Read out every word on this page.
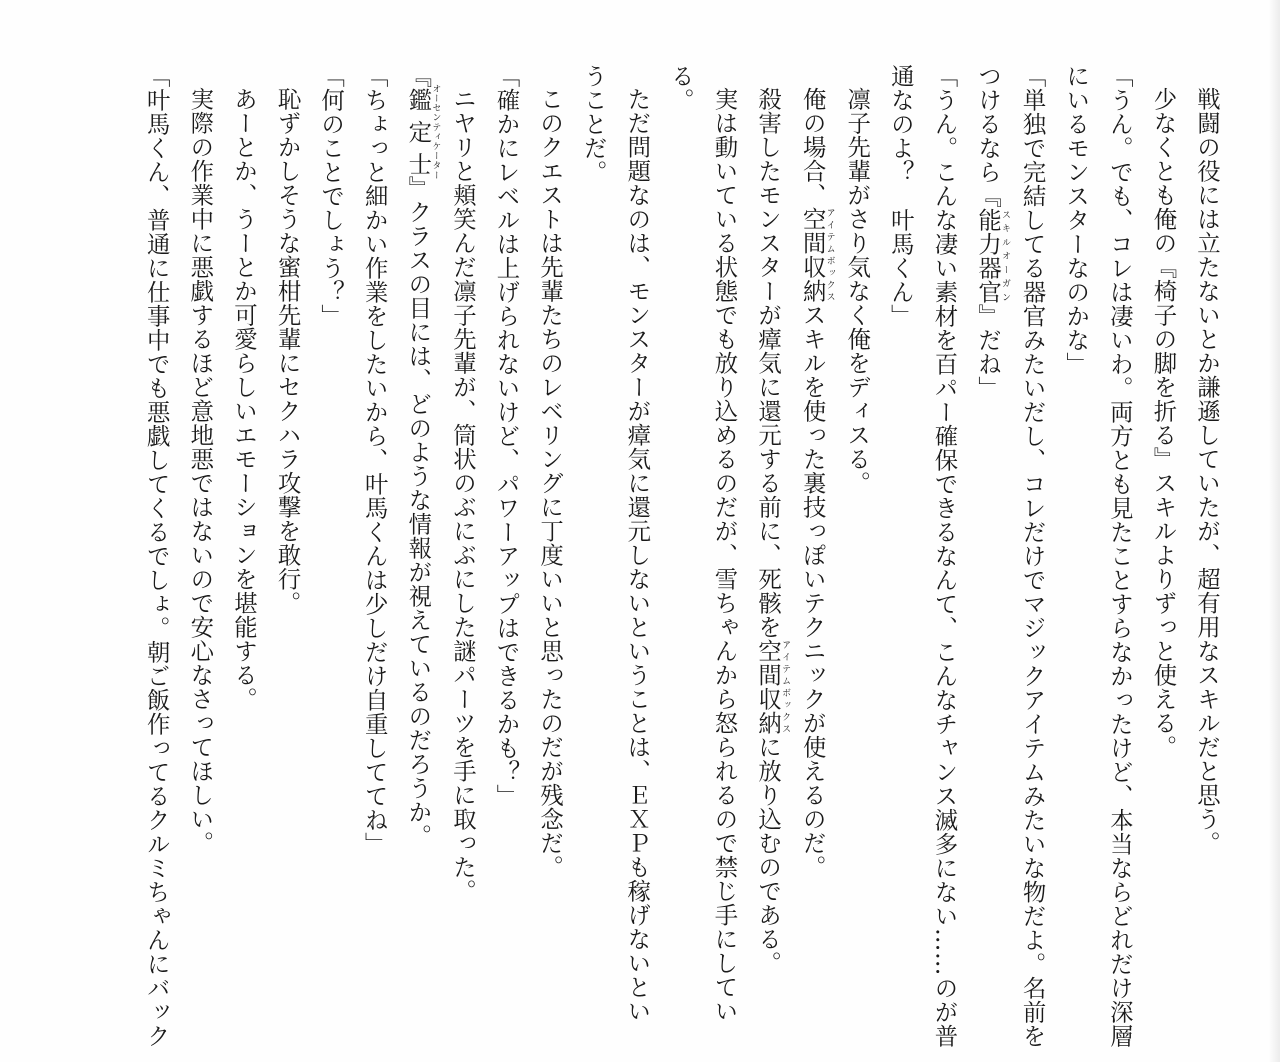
戦闘の役には立たないとか謙遜していたが、超有用なスキルだと思う。
少なくとも俺の『椅子の脚を折る』スキルよりずっと使える。
「うん。でも、コレは凄いわ。両方とも見たことすらなかったけど、本当ならどれだけ深層
にいるモンスターなのかな」
「単独で完結してる器官みたいだし、コレだけでマジックアイテムみたいな物だよ。名前を
つけるなら『能力器官スキルオーガン』だね」
「うん。こんな凄い素材を百パー確保できるなんて、こんなチャンス滅多にない……のが普
通なのよ？　叶馬くん」
凛子先輩がさり気なく俺をディスる。
俺の場合、空間収納アイテムボックススキルを使った裏技っぽいテクニックが使えるのだ。
殺害したモンスターが瘴気に還元する前に、死骸を空間収納アイテムボックスに放り込むのである。
実は動いている状態でも放り込めるのだが、雪ちゃんから怒られるので禁じ手にしてい
る。
ただ問題なのは、モンスターが瘴気に還元しないということは、ＥＸＰも稼げないとい
うことだ。
このクエストは先輩たちのレベリングに丁度いいと思ったのだが残念だ。
「確かにレベルは上げられないけど、パワーアップはできるかも？」
ニヤリと頬笑んだ凛子先輩が、筒状のぶにぶにした謎パーツを手に取った。
『鑑定士オーセンティケーター』クラスの目には、どのような情報が視えているのだろうか。
「ちょっと細かい作業をしたいから、叶馬くんは少しだけ自重しててね」
「何のことでしょう？」
恥ずかしそうな蜜柑先輩にセクハラ攻撃を敢行。
あーとか、うーとか可愛らしいエモーションを堪能する。
実際の作業中に悪戯するほど意地悪ではないので安心なさってほしい。
「叶馬くん、普通に仕事中でも悪戯してくるでしょ。朝ご飯作ってるクルミちゃんにバック
